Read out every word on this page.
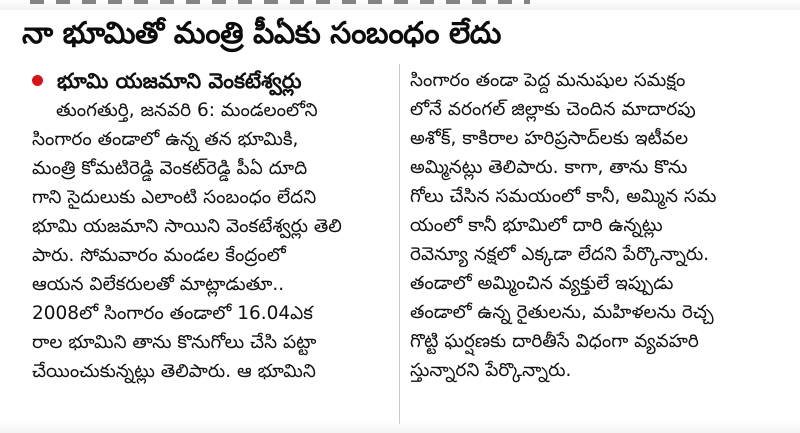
నా భూమితో మంత్రి పీఏకు సంబంధం లేదు
భూమి యజమాని వెంకటేశ్వర్లు
తుంగతుర్తి, జనవరి 6: మండలంలోని
సింగారం తండాలో ఉన్న తన భూమికి,
మంత్రి కోమటిరెడ్డి వెంకట్‌రెడ్డి పీఏ దూది
గాని సైదులుకు ఎలాంటి సంబంధం లేదని
భూమి యజమాని సాయిని వెంకటేశ్వర్లు తెలి
పారు. సోమవారం మండల కేంద్రంలో
ఆయన విలేకరులతో మాట్లాడుతూ..
2008లో సింగారం తండాలో 16.04ఎక
రాల భూమిని తాను కొనుగోలు చేసి పట్టా
చేయించుకున్నట్లు తెలిపారు. ఆ భూమిని
సింగారం తండా పెద్ద మనుషుల సమక్షం
లోనే వరంగల్ జిల్లాకు చెందిన మాదారపు
అశోక్, కాకిరాల హరిప్రసాద్‌లకు ఇటీవల
అమ్మినట్లు తెలిపారు. కాగా, తాను కొను
గోలు చేసిన సమయంలో కానీ, అమ్మిన సమ
యంలో కానీ భూమిలో దారి ఉన్నట్లు
రెవెన్యూ నక్షలో ఎక్కడా లేదని పేర్కొన్నారు.
తండాలో అమ్మించిన వ్యక్తులే ఇప్పుడు
తండాలో ఉన్న రైతులను, మహిళలను రెచ్చ
గొట్టి ఘర్షణకు దారితీసే విధంగా వ్యవహరి
స్తున్నారని పేర్కొన్నారు.
